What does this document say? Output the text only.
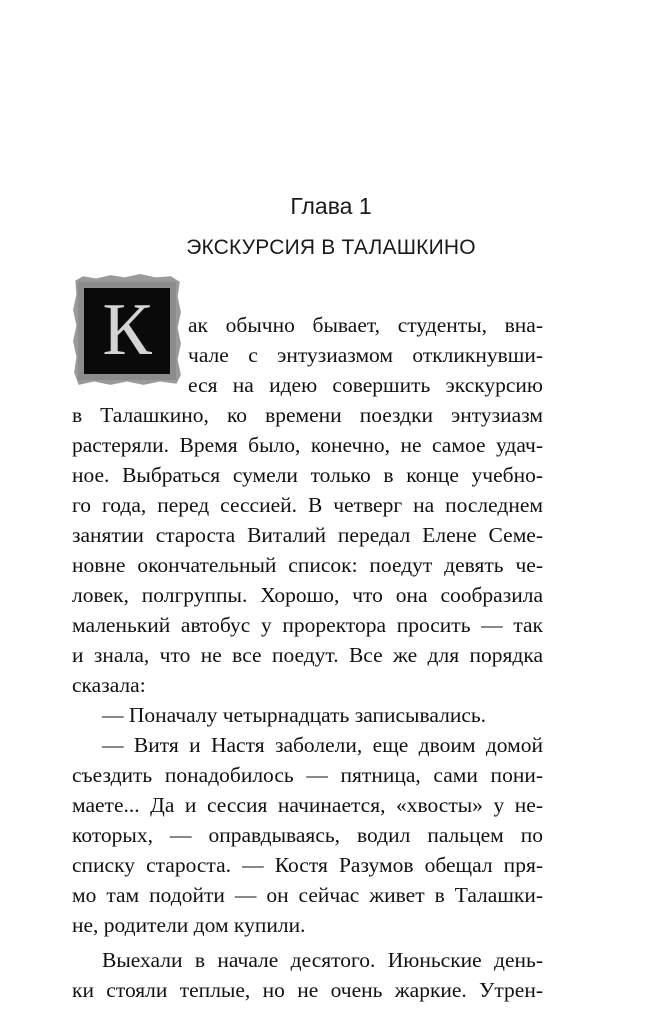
Глава 1
ЭКСКУРСИЯ В ТАЛАШКИНО
К ак обычно бывает, студенты, вна-
чале с энтузиазмом откликнувши-
еся на идею совершить экскурсию
в Талашкино, ко времени поездки энтузиазм
растеряли. Время было, конечно, не самое удач-
ное. Выбраться сумели только в конце учебно-
го года, перед сессией. В четверг на последнем
занятии староста Виталий передал Елене Семе-
новне окончательный список: поедут девять че-
ловек, полгруппы. Хорошо, что она сообразила
маленький автобус у проректора просить — так
и знала, что не все поедут. Все же для порядка
сказала:
— Поначалу четырнадцать записывались.
— Витя и Настя заболели, еще двоим домой
съездить понадобилось — пятница, сами пони-
маете... Да и сессия начинается, «хвосты» у не-
которых, — оправдываясь, водил пальцем по
списку староста. — Костя Разумов обещал пря-
мо там подойти — он сейчас живет в Талашки-
не, родители дом купили.
Выехали в начале десятого. Июньские день-
ки стояли теплые, но не очень жаркие. Утрен-
